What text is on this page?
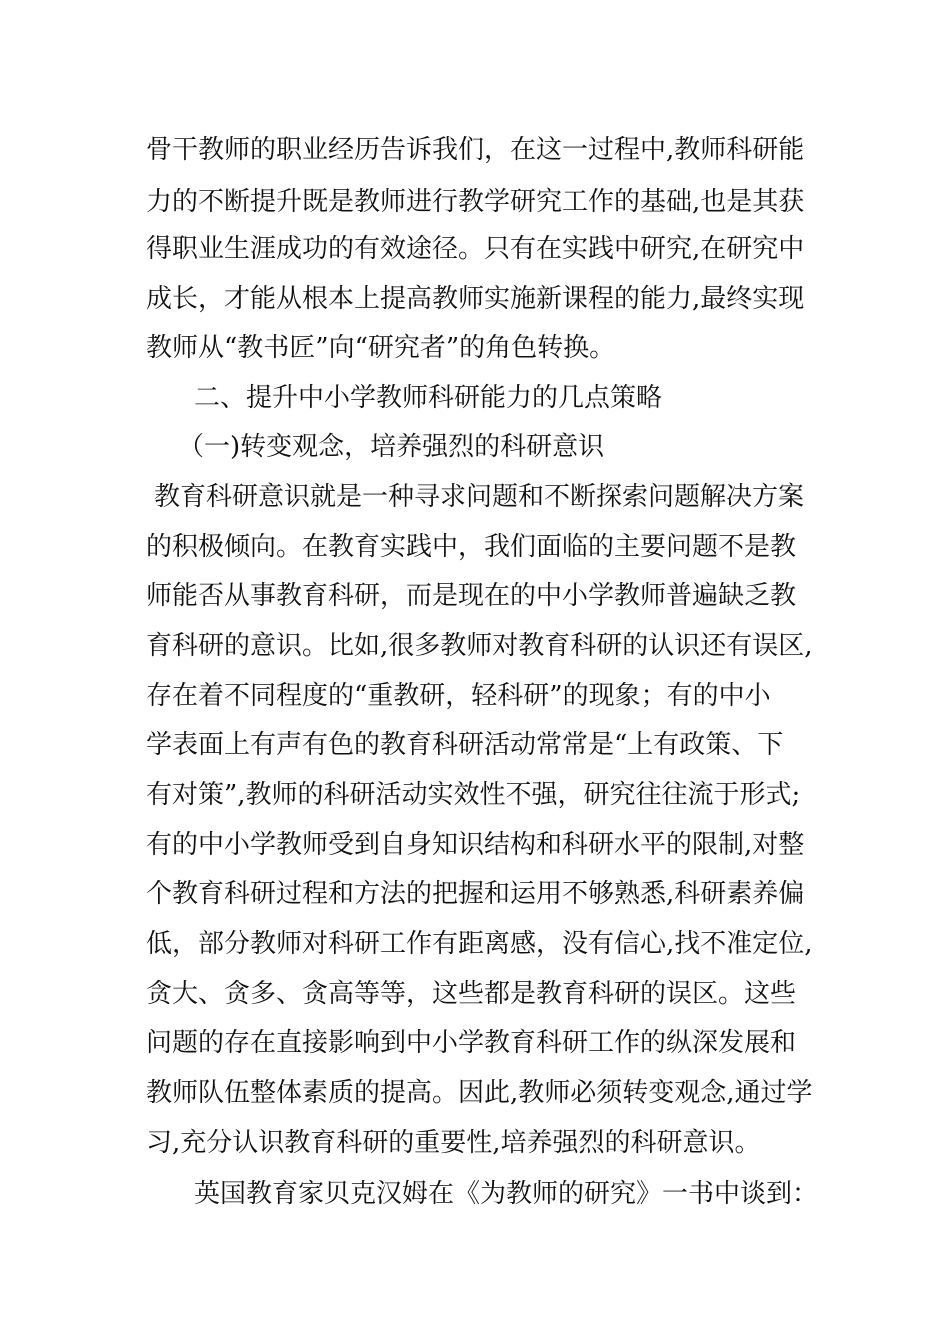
骨干教师的职业经历告诉我们，在这一过程中,教师科研能
力的不断提升既是教师进行教学研究工作的基础,也是其获
得职业生涯成功的有效途径。只有在实践中研究,在研究中
成长，才能从根本上提高教师实施新课程的能力,最终实现
教师从“教书匠”向“研究者”的角色转换。
二、提升中小学教师科研能力的几点策略
（一)转变观念，培养强烈的科研意识
教育科研意识就是一种寻求问题和不断探索问题解决方案
的积极倾向。在教育实践中，我们面临的主要问题不是教
师能否从事教育科研，而是现在的中小学教师普遍缺乏教
育科研的意识。比如,很多教师对教育科研的认识还有误区,
存在着不同程度的“重教研，轻科研”的现象；有的中小
学表面上有声有色的教育科研活动常常是“上有政策、下
有对策”,教师的科研活动实效性不强，研究往往流于形式;
有的中小学教师受到自身知识结构和科研水平的限制,对整
个教育科研过程和方法的把握和运用不够熟悉,科研素养偏
低，部分教师对科研工作有距离感，没有信心,找不准定位,
贪大、贪多、贪高等等，这些都是教育科研的误区。这些
问题的存在直接影响到中小学教育科研工作的纵深发展和
教师队伍整体素质的提高。因此,教师必须转变观念,通过学
习,充分认识教育科研的重要性,培养强烈的科研意识。
英国教育家贝克汉姆在《为教师的研究》一书中谈到：
